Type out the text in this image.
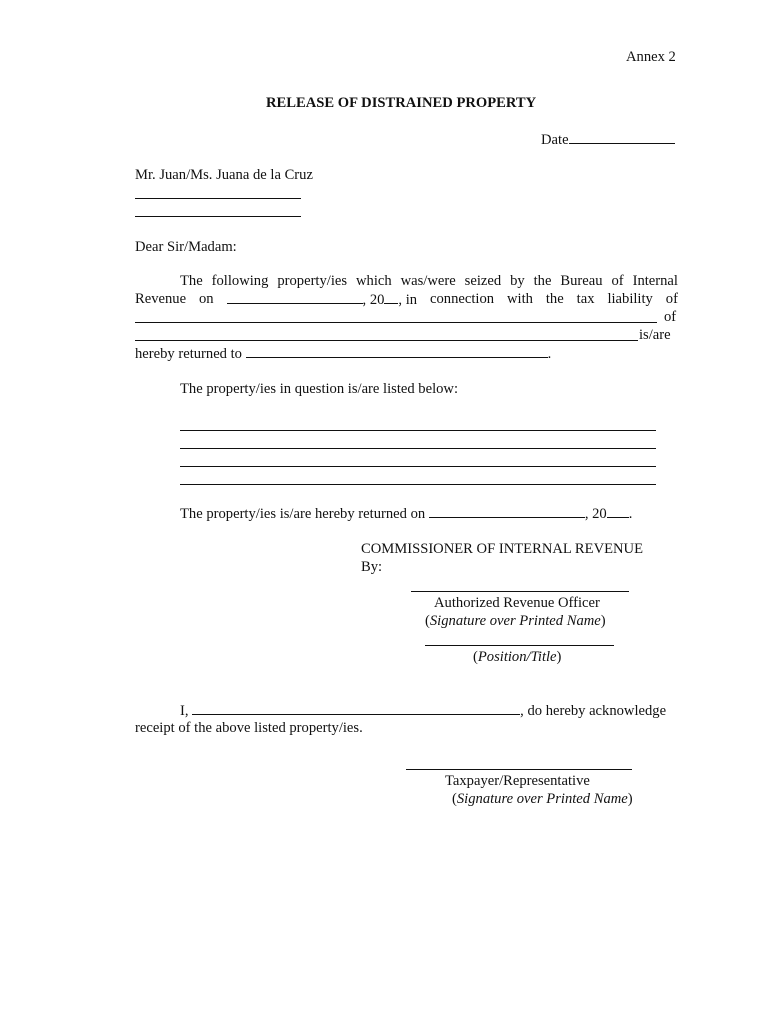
Annex 2
RELEASE OF DISTRAINED PROPERTY
Date
Mr. Juan/Ms. Juana de la Cruz
Dear Sir/Madam:
The following property/ies which was/were seized by the Bureau of Internal
Revenue on	, 20 , in connection with the tax liability of
of
is/are
hereby returned to	.
The property/ies in question is/are listed below:
The property/ies is/are hereby returned on	, 20 .
COMMISSIONER OF INTERNAL REVENUE
By:
Authorized Revenue Officer
(Signature over Printed Name)
(Position/Title)
I,	, do hereby acknowledge
receipt of the above listed property/ies.
Taxpayer/Representative
(Signature over Printed Name)
